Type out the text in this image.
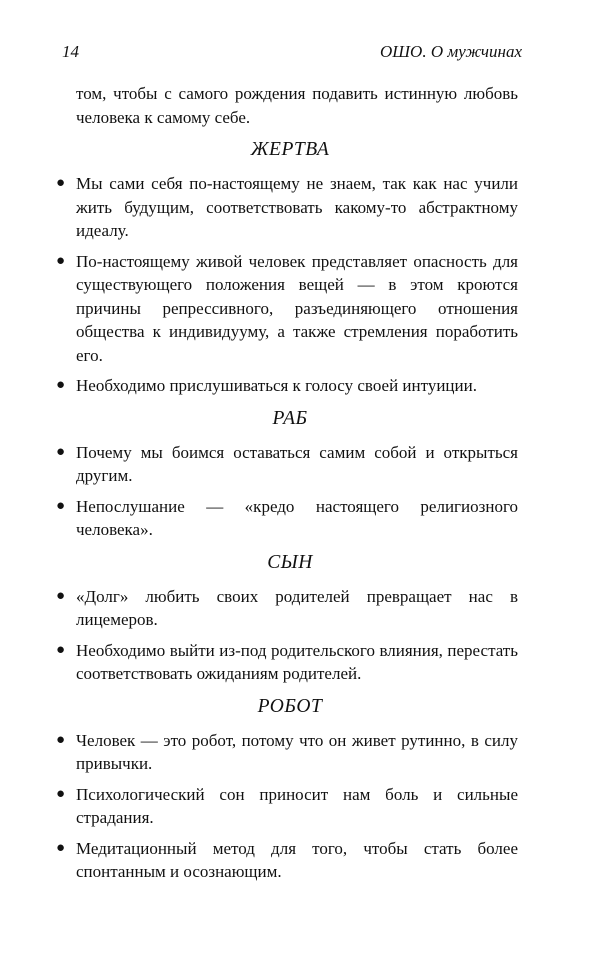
14	ОШО. О мужчинах

том, чтобы с самого рождения подавить истинную любовь человека к самому себе.

ЖЕРТВА
● Мы сами себя по-настоящему не знаем, так как нас учили жить будущим, соответствовать какому-то абстрактному идеалу.
● По-настоящему живой человек представляет опасность для существующего положения вещей — в этом кроются причины репрессивного, разъединяющего отношения общества к индивидууму, а также стремления поработить его.
● Необходимо прислушиваться к голосу своей интуиции.
РАБ
● Почему мы боимся оставаться самим собой и открыться другим.
● Непослушание — «кредо настоящего религиозного человека».
СЫН
● «Долг» любить своих родителей превращает нас в лицемеров.
● Необходимо выйти из-под родительского влияния, перестать соответствовать ожиданиям родителей.
РОБОТ
● Человек — это робот, потому что он живет рутинно, в силу привычки.
● Психологический сон приносит нам боль и сильные страдания.
● Медитационный метод для того, чтобы стать более спонтанным и осознающим.
